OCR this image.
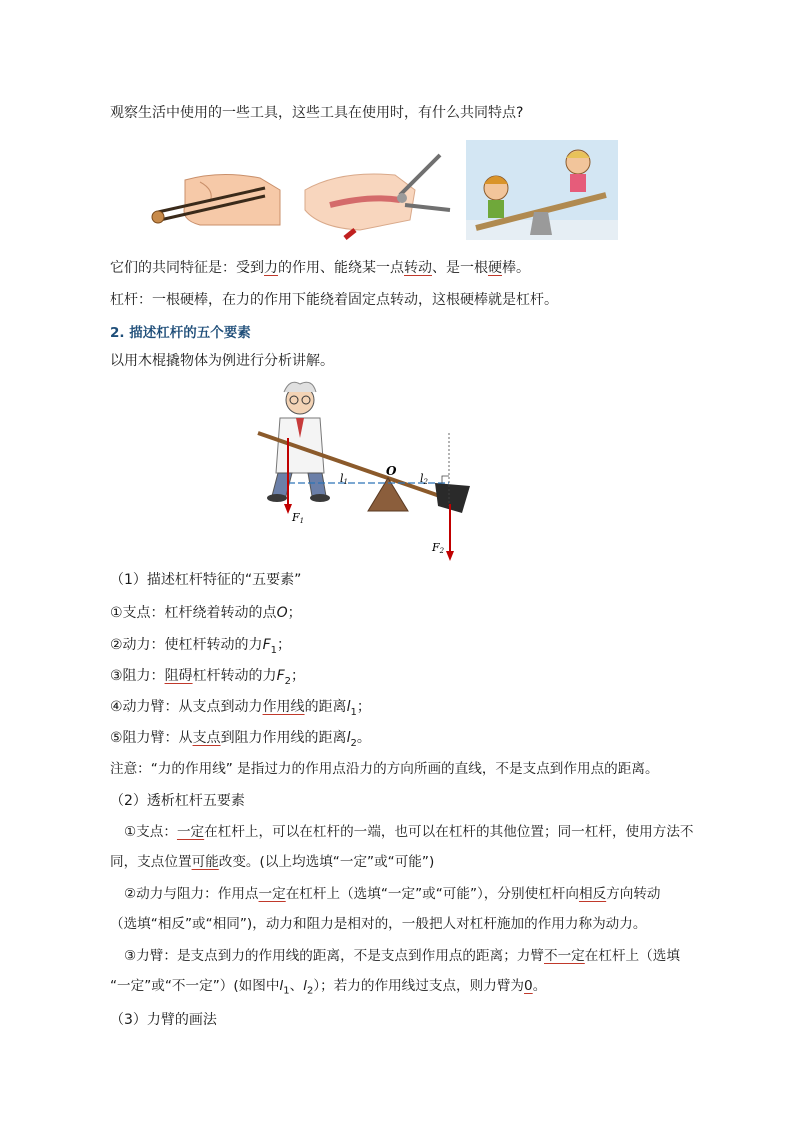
观察生活中使用的一些工具，这些工具在使用时，有什么共同特点?
它们的共同特征是：受到力的作用、能绕某一点转动、是一根硬棒。
杠杆：一根硬棒，在力的作用下能绕着固定点转动，这根硬棒就是杠杆。
2. 描述杠杆的五个要素
以用木棍撬物体为例进行分析讲解。
O
l1	l2
F1
F2
（1）描述杠杆特征的“五要素”
①支点：杠杆绕着转动的点O；
②动力：使杠杆转动的力$F_1$；
③阻力：阻碍杠杆转动的力$F_2$；
④动力臂：从支点到动力作用线的距离$l_1$；
⑤阻力臂：从支点到阻力作用线的距离$l_2$。
注意：“力的作用线” 是指过力的作用点沿力的方向所画的直线，不是支点到作用点的距离。
（2）透析杠杆五要素
①支点：一定在杠杆上，可以在杠杆的一端，也可以在杠杆的其他位置；同一杠杆，使用方法不
同，支点位置可能改变。(以上均选填“一定”或“可能”)
②动力与阻力：作用点一定在杠杆上（选填“一定”或“可能”），分别使杠杆向相反方向转动
（选填“相反”或“相同”)，动力和阻力是相对的，一般把人对杠杆施加的作用力称为动力。
③力臂：是支点到力的作用线的距离，不是支点到作用点的距离；力臂不一定在杠杆上（选填
“一定”或“不一定”）(如图中$l_1$、$l_2$）；若力的作用线过支点，则力臂为0。
（3）力臂的画法
